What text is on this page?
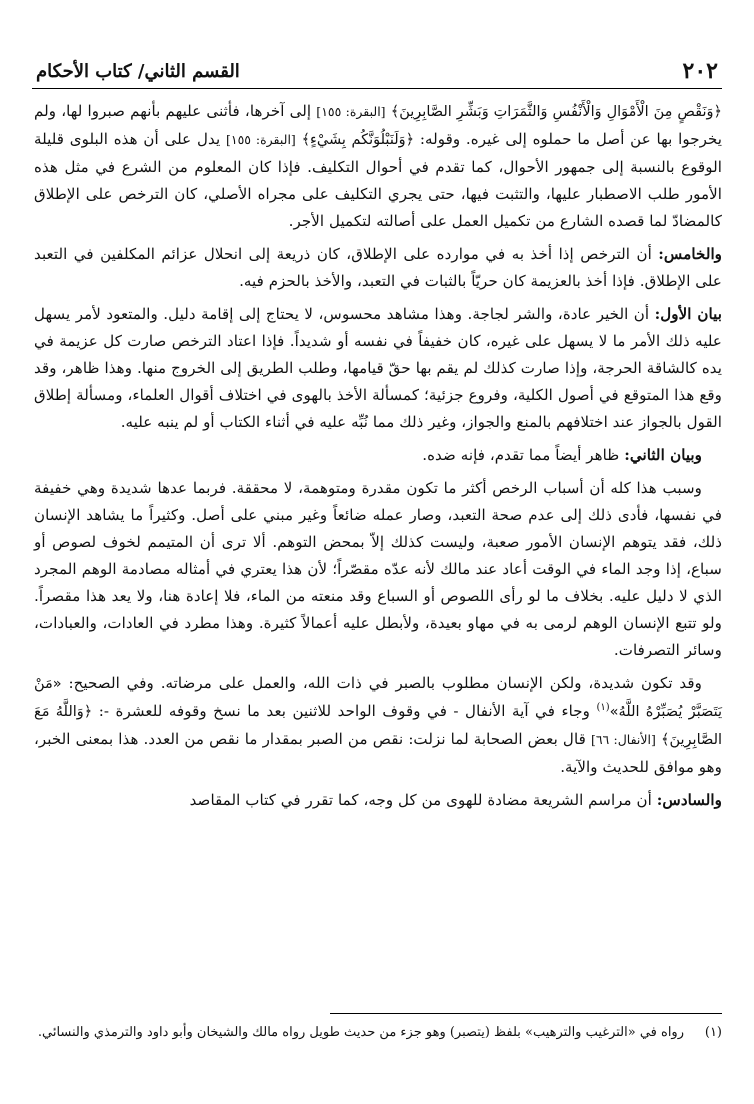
٢٠٢
القسم الثاني/ كتاب الأحكام

﴿وَنَقْصٍ مِنَ الْأَمْوَالِ وَالْأَنْفُسِ وَالثَّمَرَاتِ وَبَشِّرِ الصَّابِرِينَ﴾ [البقرة: ١٥٥] إلى آخرها، فأثنى عليهم بأنهم صبروا لها، ولم يخرجوا بها عن أصل ما حملوه إلى غيره. وقوله: ﴿وَلَنَبْلُوَنَّكُم بِشَيْءٍ﴾ [البقرة: ١٥٥] يدل على أن هذه البلوى قليلة الوقوع بالنسبة إلى جمهور الأحوال، كما تقدم في أحوال التكليف. فإذا كان المعلوم من الشرع في مثل هذه الأمور طلب الاصطبار عليها، والتثبت فيها، حتى يجري التكليف على مجراه الأصلي، كان الترخص على الإطلاق كالمضادّ لما قصده الشارع من تكميل العمل على أصالته لتكميل الأجر.

والخامس: أن الترخص إذا أخذ به في موارده على الإطلاق، كان ذريعة إلى انحلال عزائم المكلفين في التعبد على الإطلاق. فإذا أخذ بالعزيمة كان حريّاً بالثبات في التعبد، والأخذ بالحزم فيه.

بيان الأول: أن الخير عادة، والشر لجاجة. وهذا مشاهد محسوس، لا يحتاج إلى إقامة دليل. والمتعود لأمر يسهل عليه ذلك الأمر ما لا يسهل على غيره، كان خفيفاً في نفسه أو شديداً. فإذا اعتاد الترخص صارت كل عزيمة في يده كالشاقة الحرجة، وإذا صارت كذلك لم يقم بها حقّ قيامها، وطلب الطريق إلى الخروج منها. وهذا ظاهر، وقد وقع هذا المتوقع في أصول الكلية، وفروع جزئية؛ كمسألة الأخذ بالهوى في اختلاف أقوال العلماء، ومسألة إطلاق القول بالجواز عند اختلافهم بالمنع والجواز، وغير ذلك مما نُبِّه عليه في أثناء الكتاب أو لم ينبه عليه.

وبيان الثاني: ظاهر أيضاً مما تقدم، فإنه ضده.

وسبب هذا كله أن أسباب الرخص أكثر ما تكون مقدرة ومتوهمة، لا محققة. فربما عدها شديدة وهي خفيفة في نفسها، فأدى ذلك إلى عدم صحة التعبد، وصار عمله ضائعاً وغير مبني على أصل. وكثيراً ما يشاهد الإنسان ذلك، فقد يتوهم الإنسان الأمور صعبة، وليست كذلك إلاّ بمحض التوهم. ألا ترى أن المتيمم لخوف لصوص أو سباع، إذا وجد الماء في الوقت أعاد عند مالك لأنه عدّه مقصّراً؛ لأن هذا يعتري في أمثاله مصادمة الوهم المجرد الذي لا دليل عليه. بخلاف ما لو رأى اللصوص أو السباع وقد منعته من الماء، فلا إعادة هنا، ولا يعد هذا مقصراً. ولو تتبع الإنسان الوهم لرمى به في مهاو بعيدة، ولأبطل عليه أعمالاً كثيرة. وهذا مطرد في العادات، والعبادات، وسائر التصرفات.

وقد تكون شديدة، ولكن الإنسان مطلوب بالصبر في ذات الله، والعمل على مرضاته. وفي الصحيح: «مَنْ يَتَصَبَّرْ يُصَبِّرْهُ اللَّهُ»$^{(١)}$ وجاء في آية الأنفال - في وقوف الواحد للاثنين بعد ما نسخ وقوفه للعشرة -: ﴿وَاللَّهُ مَعَ الصَّابِرِينَ﴾ [الأنفال: ٦٦] قال بعض الصحابة لما نزلت: نقص من الصبر بمقدار ما نقص من العدد. هذا بمعنى الخبر، وهو موافق للحديث والآية.

والسادس: أن مراسم الشريعة مضادة للهوى من كل وجه، كما تقرر في كتاب المقاصد

(١)رواه في «الترغيب والترهيب» بلفظ (يتصبر) وهو جزء من حديث طويل رواه مالك والشيخان وأبو داود والترمذي والنسائي.
